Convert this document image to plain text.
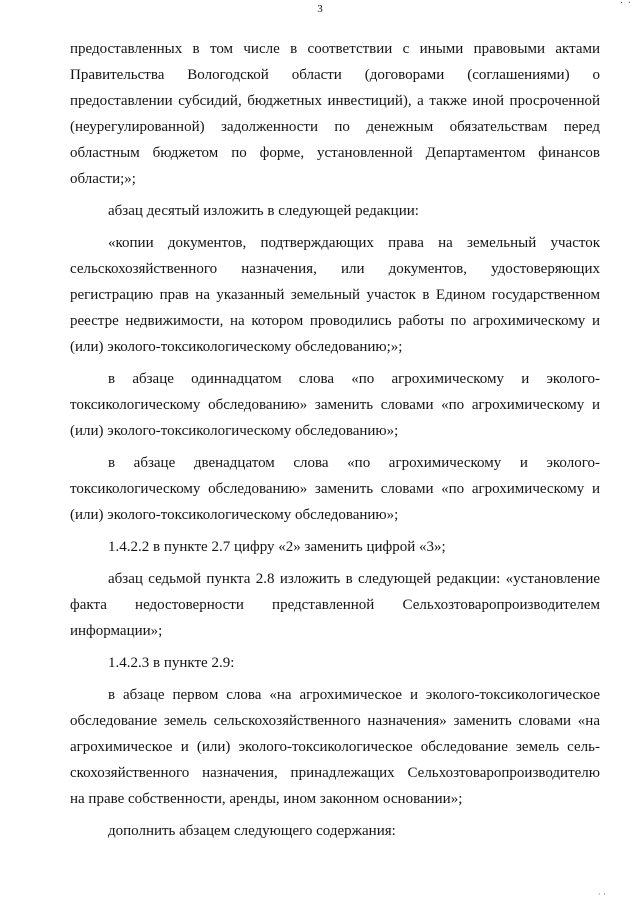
· ·
3
предоставленных в том числе в соответствии с иными правовыми актами
Правительства Вологодской области (договорами (соглашениями) о
предоставлении субсидий, бюджетных инвестиций), а также иной просроченной
(неурегулированной) задолженности по денежным обязательствам перед
областным бюджетом по форме, установленной Департаментом финансов
области;»;
абзац десятый изложить в следующей редакции:
«копии документов, подтверждающих права на земельный участок
сельскохозяйственного назначения, или документов, удостоверяющих
регистрацию прав на указанный земельный участок в Едином государственном
реестре недвижимости, на котором проводились работы по агрохимическому и
(или) эколого-токсикологическому обследованию;»;
в абзаце одиннадцатом слова «по агрохимическому и эколого-
токсикологическому обследованию» заменить словами «по агрохимическому и
(или) эколого-токсикологическому обследованию»;
в абзаце двенадцатом слова «по агрохимическому и эколого-
токсикологическому обследованию» заменить словами «по агрохимическому и
(или) эколого-токсикологическому обследованию»;
1.4.2.2 в пункте 2.7 цифру «2» заменить цифрой «3»;
абзац седьмой пункта 2.8 изложить в следующей редакции: «установление
факта недостоверности представленной Сельхозтоваропроизводителем
информации»;
1.4.2.3 в пункте 2.9:
в абзаце первом слова «на агрохимическое и эколого-токсикологическое
обследование земель сельскохозяйственного назначения» заменить словами «на
агрохимическое и (или) эколого-токсикологическое обследование земель сель-
скохозяйственного назначения, принадлежащих Сельхозтоваропроизводителю
на праве собственности, аренды, ином законном основании»;
дополнить абзацем следующего содержания:
· ·
